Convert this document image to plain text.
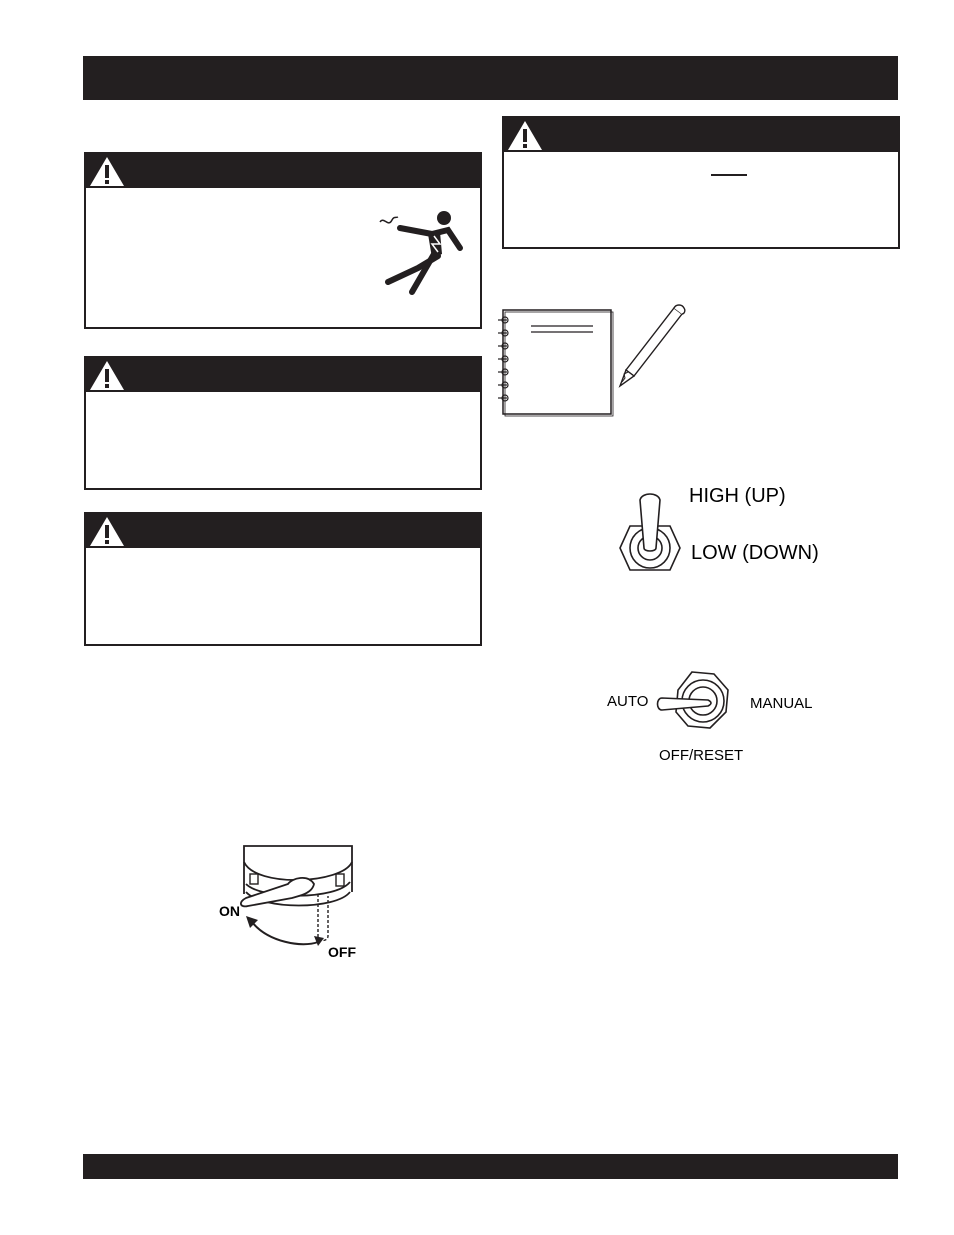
HIGH (UP)
LOW (DOWN)
AUTO	MANUAL
OFF/RESET
ON
OFF
